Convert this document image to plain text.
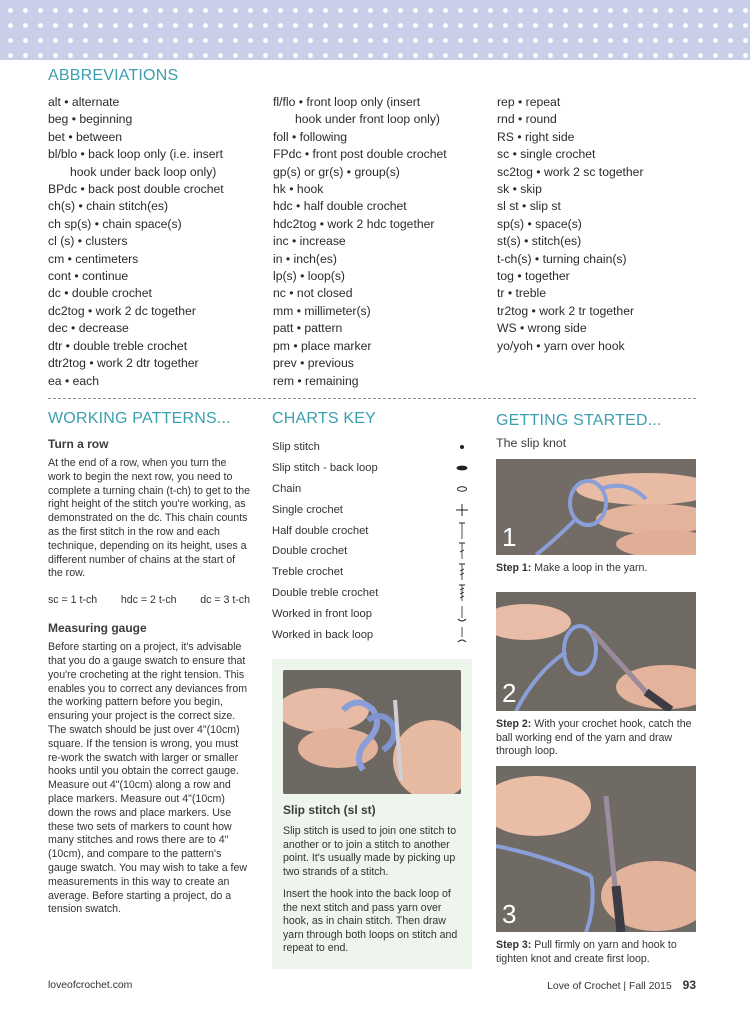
ABBREVIATIONS
alt • alternate
beg • beginning
bet • between
bl/blo • back loop only (i.e. insert
hook under back loop only)
BPdc • back post double crochet
ch(s) • chain stitch(es)
ch sp(s) • chain space(s)
cl (s) • clusters
cm • centimeters
cont • continue
dc • double crochet
dc2tog • work 2 dc together
dec • decrease
dtr • double treble crochet
dtr2tog • work 2 dtr together
ea • each
fl/flo • front loop only (insert
hook under front loop only)
foll • following
FPdc • front post double crochet
gp(s) or gr(s) • group(s)
hk • hook
hdc • half double crochet
hdc2tog • work 2 hdc together
inc • increase
in • inch(es)
lp(s) • loop(s)
nc • not closed
mm • millimeter(s)
patt • pattern
pm • place marker
prev • previous
rem • remaining
rep • repeat
rnd • round
RS • right side
sc • single crochet
sc2tog • work 2 sc together
sk • skip
sl st • slip st
sp(s) • space(s)
st(s) • stitch(es)
t-ch(s) • turning chain(s)
tog • together
tr • treble
tr2tog • work 2 tr together
WS • wrong side
yo/yoh • yarn over hook
WORKING PATTERNS...
Turn a row

At the end of a row, when you turn the work to begin the next row, you need to complete a turning chain (t-ch) to get to the right height of the stitch you're working, as demonstrated on the dc. This chain counts as the first stitch in the row and each technique, depending on its height, uses a different number of chains at the start of the row.

sc = 1 t-ch hdc = 2 t-ch dc = 3 t-ch
Measuring gauge

Before starting on a project, it's advisable that you do a gauge swatch to ensure that you're crocheting at the right tension. This enables you to correct any deviances from the working pattern before you begin, ensuring your project is the correct size. The swatch should be just over 4"(10cm) square. If the tension is wrong, you must re-work the swatch with larger or smaller hooks until you obtain the correct gauge. Measure out 4"(10cm) along a row and place markers. Measure out 4"(10cm) down the rows and place markers. Use these two sets of markers to count how many stitches and rows there are to 4"(10cm), and compare to the pattern's gauge swatch. You may wish to take a few measurements in this way to create an average. Before starting a project, do a tension swatch.

CHARTS KEY
Slip stitch
Slip stitch - back loop
Chain
Single crochet
Half double crochet
Double crochet
Treble crochet
Double treble crochet
Worked in front loop
Worked in back loop
Slip stitch (sl st)

Slip stitch is used to join one stitch to another or to join a stitch to another point. It's usually made by picking up two strands of a stitch.

Insert the hook into the back loop of the next stitch and pass yarn over hook, as in chain stitch. Then draw yarn through both loops on stitch and repeat to end.

GETTING STARTED...
The slip knot
1
Step 1: Make a loop in the yarn.
2
Step 2: With your crochet hook, catch the ball working end of the yarn and draw through loop.
3
Step 3: Pull firmly on yarn and hook to tighten knot and create first loop.
loveofcrochet.com	Love of Crochet | Fall 2015 93
